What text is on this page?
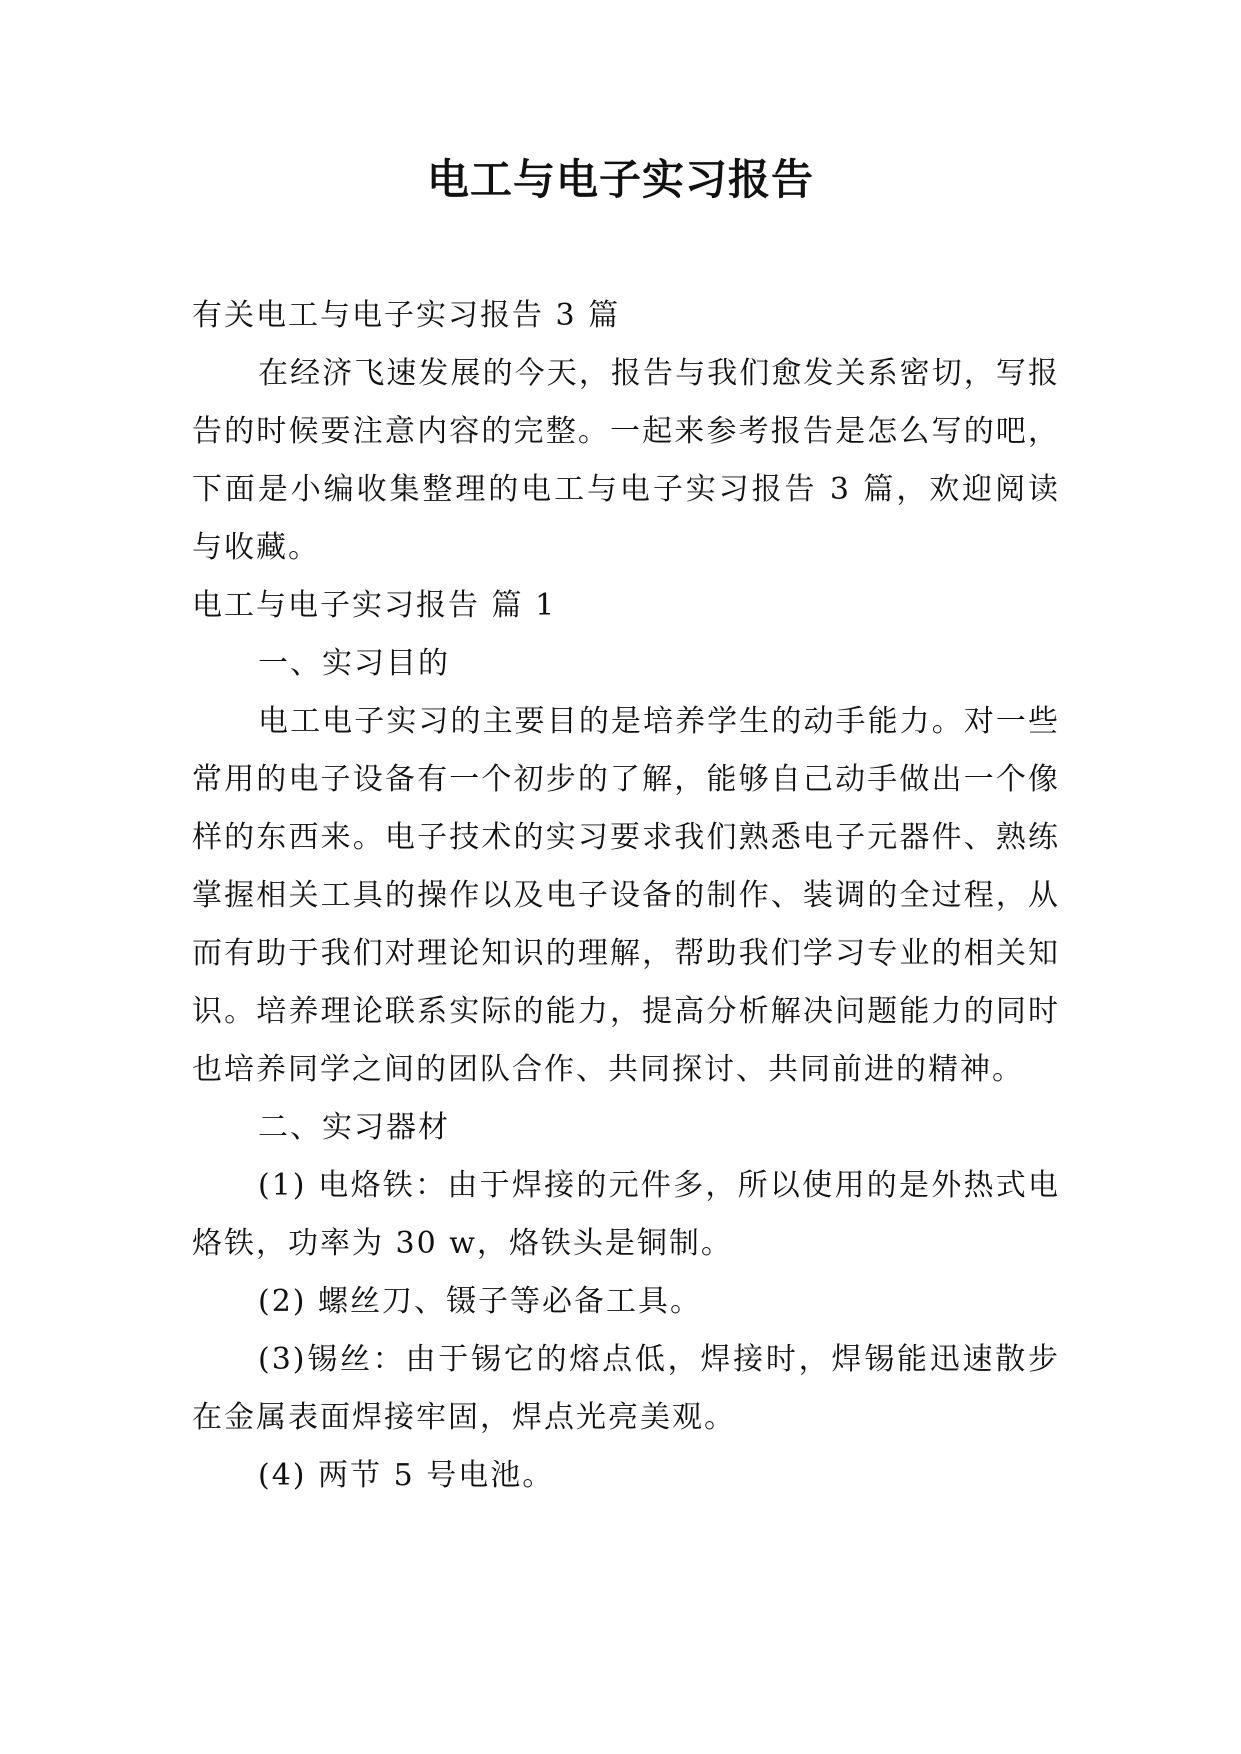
电工与电子实习报告

有关电工与电子实习报告 3 篇

在经济飞速发展的今天，报告与我们愈发关系密切，写报告的时候要注意内容的完整。一起来参考报告是怎么写的吧，下面是小编收集整理的电工与电子实习报告 3 篇，欢迎阅读与收藏。

电工与电子实习报告 篇 1

一、实习目的

电工电子实习的主要目的是培养学生的动手能力。对一些常用的电子设备有一个初步的了解，能够自己动手做出一个像样的东西来。电子技术的实习要求我们熟悉电子元器件、熟练掌握相关工具的操作以及电子设备的制作、装调的全过程，从而有助于我们对理论知识的理解，帮助我们学习专业的相关知识。培养理论联系实际的能力，提高分析解决问题能力的同时也培养同学之间的团队合作、共同探讨、共同前进的精神。

二、实习器材

(1) 电烙铁：由于焊接的元件多，所以使用的是外热式电烙铁，功率为 30 w，烙铁头是铜制。

(2) 螺丝刀、镊子等必备工具。

(3)锡丝：由于锡它的熔点低，焊接时，焊锡能迅速散步在金属表面焊接牢固，焊点光亮美观。

(4) 两节 5 号电池。
